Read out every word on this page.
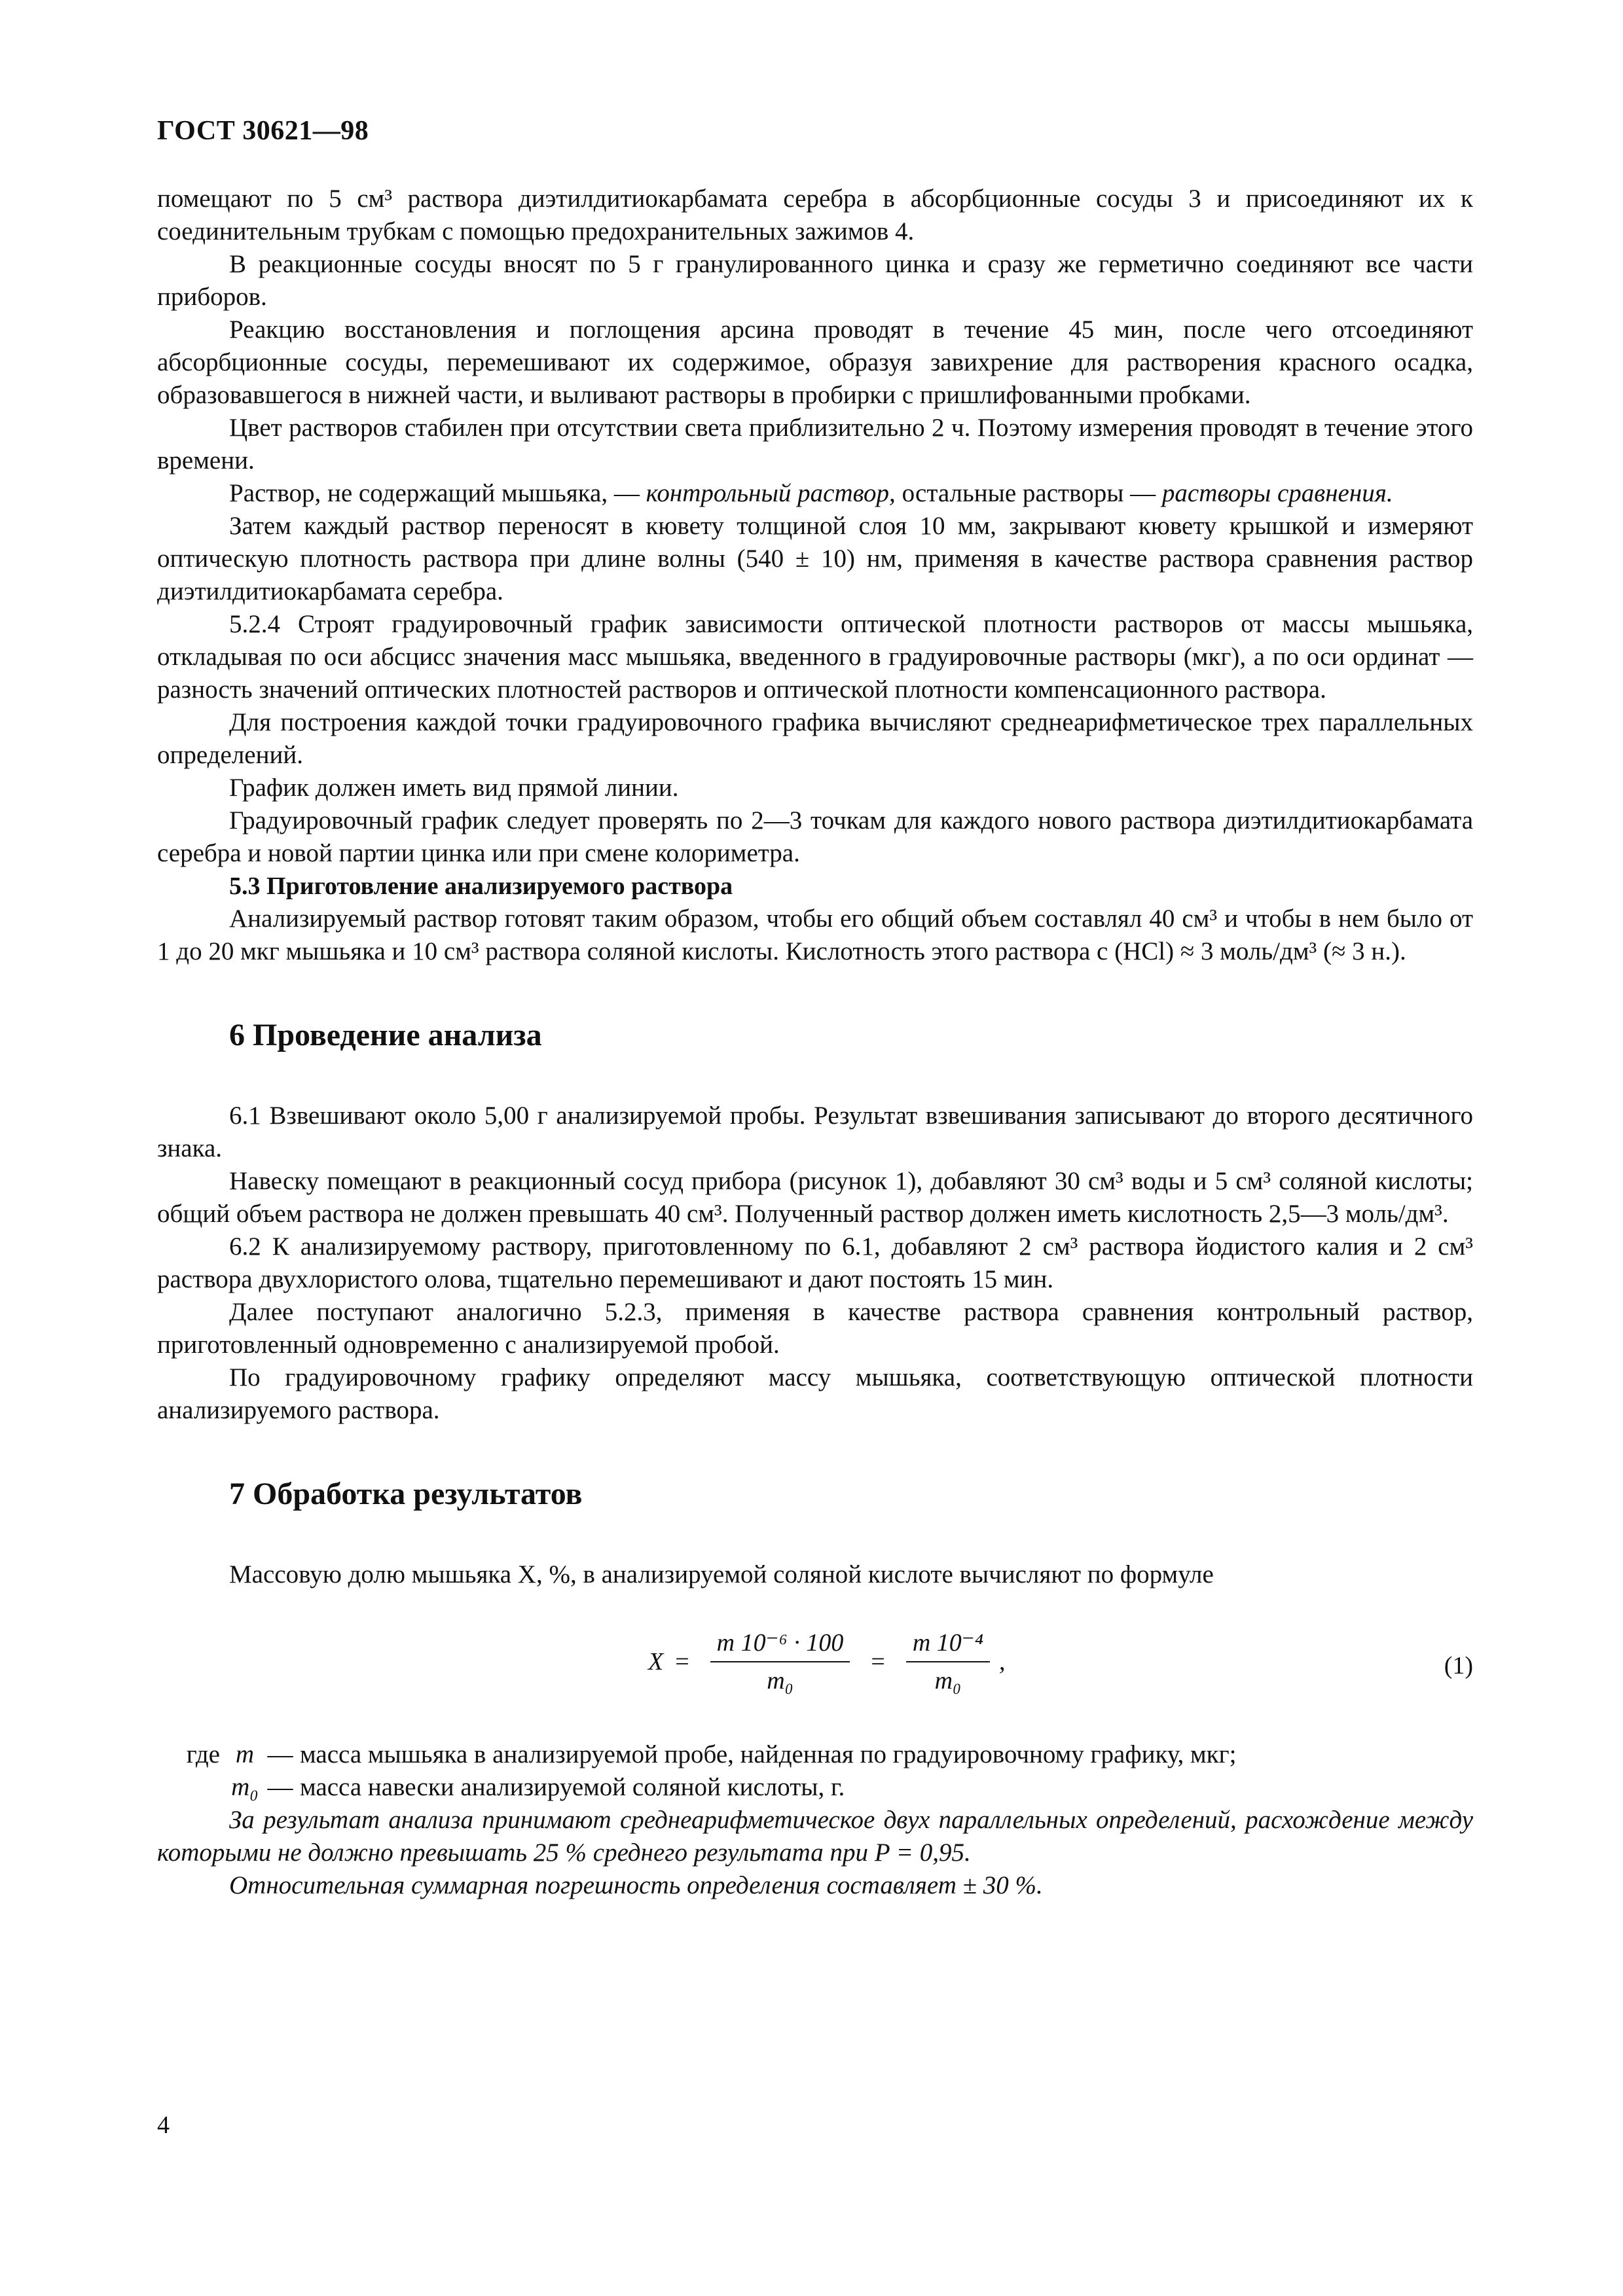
ГОСТ 30621—98

помещают по 5 см³ раствора диэтилдитиокарбамата серебра в абсорбционные сосуды 3 и присоединяют их к соединительным трубкам с помощью предохранительных зажимов 4.

В реакционные сосуды вносят по 5 г гранулированного цинка и сразу же герметично соединяют все части приборов.

Реакцию восстановления и поглощения арсина проводят в течение 45 мин, после чего отсоединяют абсорбционные сосуды, перемешивают их содержимое, образуя завихрение для растворения красного осадка, образовавшегося в нижней части, и выливают растворы в пробирки с пришлифованными пробками.

Цвет растворов стабилен при отсутствии света приблизительно 2 ч. Поэтому измерения проводят в течение этого времени.

Раствор, не содержащий мышьяка, — контрольный раствор, остальные растворы — растворы сравнения.

Затем каждый раствор переносят в кювету толщиной слоя 10 мм, закрывают кювету крышкой и измеряют оптическую плотность раствора при длине волны (540 ± 10) нм, применяя в качестве раствора сравнения раствор диэтилдитиокарбамата серебра.

5.2.4 Строят градуировочный график зависимости оптической плотности растворов от массы мышьяка, откладывая по оси абсцисс значения масс мышьяка, введенного в градуировочные растворы (мкг), а по оси ординат — разность значений оптических плотностей растворов и оптической плотности компенсационного раствора.

Для построения каждой точки градуировочного графика вычисляют среднеарифметическое трех параллельных определений.

График должен иметь вид прямой линии.

Градуировочный график следует проверять по 2—3 точкам для каждого нового раствора диэтилдитиокарбамата серебра и новой партии цинка или при смене колориметра.

5.3 Приготовление анализируемого раствора

Анализируемый раствор готовят таким образом, чтобы его общий объем составлял 40 см³ и чтобы в нем было от 1 до 20 мкг мышьяка и 10 см³ раствора соляной кислоты. Кислотность этого раствора c (HCl) ≈ 3 моль/дм³ (≈ 3 н.).

6 Проведение анализа

6.1 Взвешивают около 5,00 г анализируемой пробы. Результат взвешивания записывают до второго десятичного знака.

Навеску помещают в реакционный сосуд прибора (рисунок 1), добавляют 30 см³ воды и 5 см³ соляной кислоты; общий объем раствора не должен превышать 40 см³. Полученный раствор должен иметь кислотность 2,5—3 моль/дм³.

6.2 К анализируемому раствору, приготовленному по 6.1, добавляют 2 см³ раствора йодистого калия и 2 см³ раствора двухлористого олова, тщательно перемешивают и дают постоять 15 мин.

Далее поступают аналогично 5.2.3, применяя в качестве раствора сравнения контрольный раствор, приготовленный одновременно с анализируемой пробой.

По градуировочному графику определяют массу мышьяка, соответствующую оптической плотности анализируемого раствора.

7 Обработка результатов

Массовую долю мышьяка X, %, в анализируемой соляной кислоте вычисляют по формуле

$X = \frac{\text{m 10⁻⁶ · 100}}{\text{m₀}} = \frac{\text{m 10⁻⁴}}{\text{m₀}}$ ,	(1)
где m — масса мышьяка в анализируемой пробе, найденная по градуировочному графику, мкг;
m₀ — масса навески анализируемой соляной кислоты, г.

За результат анализа принимают среднеарифметическое двух параллельных определений, расхождение между которыми не должно превышать 25 % среднего результата при P = 0,95.

Относительная суммарная погрешность определения составляет ± 30 %.

4
